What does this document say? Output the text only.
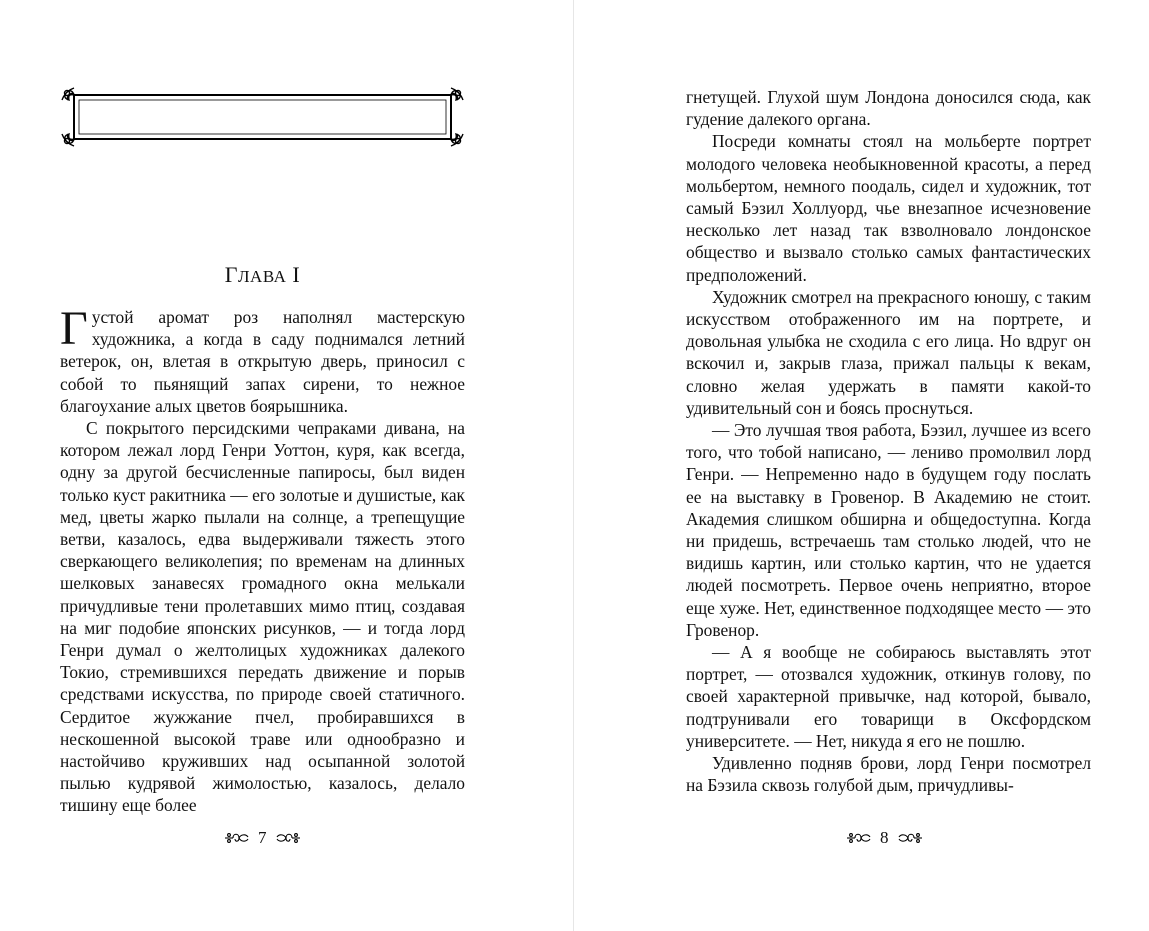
ГЛАВА I

Густой аромат роз наполнял мастерскую художника, а когда в саду поднимался летний ветерок, он, влетая в открытую дверь, приносил с собой то пьянящий запах сирени, то нежное благоухание алых цветов боярышника.

С покрытого персидскими чепраками дивана, на котором лежал лорд Генри Уоттон, куря, как всегда, одну за другой бесчисленные папиросы, был виден только куст ракитника — его золотые и душистые, как мед, цветы жарко пылали на солнце, а трепещущие ветви, казалось, едва выдерживали тяжесть этого сверкающего великолепия; по временам на длинных шелковых занавесях громадного окна мелькали причудливые тени пролетавших мимо птиц, создавая на миг подобие японских рисунков, — и тогда лорд Генри думал о желтолицых художниках далекого Токио, стремившихся передать движение и порыв средствами искусства, по природе своей статичного. Сердитое жужжание пчел, пробиравшихся в нескошенной высокой траве или однообразно и настойчиво круживших над осыпанной золотой пылью кудрявой жимолостью, казалось, делало тишину еще более

7

гнетущей. Глухой шум Лондона доносился сюда, как гудение далекого органа.

Посреди комнаты стоял на мольберте портрет молодого человека необыкновенной красоты, а перед мольбертом, немного поодаль, сидел и художник, тот самый Бэзил Холлуорд, чье внезапное исчезновение несколько лет назад так взволновало лондонское общество и вызвало столько самых фантастических предположений.

Художник смотрел на прекрасного юношу, с таким искусством отображенного им на портрете, и довольная улыбка не сходила с его лица. Но вдруг он вскочил и, закрыв глаза, прижал пальцы к векам, словно желая удержать в памяти какой-то удивительный сон и боясь проснуться.

— Это лучшая твоя работа, Бэзил, лучшее из всего того, что тобой написано, — лениво промолвил лорд Генри. — Непременно надо в будущем году послать ее на выставку в Гровенор. В Академию не стоит. Академия слишком обширна и общедоступна. Когда ни придешь, встречаешь там столько людей, что не видишь картин, или столько картин, что не удается людей посмотреть. Первое очень неприятно, второе еще хуже. Нет, единственное подходящее место — это Гровенор.

— А я вообще не собираюсь выставлять этот портрет, — отозвался художник, откинув голову, по своей характерной привычке, над которой, бывало, подтрунивали его товарищи в Оксфордском университете. — Нет, никуда я его не пошлю.

Удивленно подняв брови, лорд Генри посмотрел на Бэзила сквозь голубой дым, причудливы-

8
